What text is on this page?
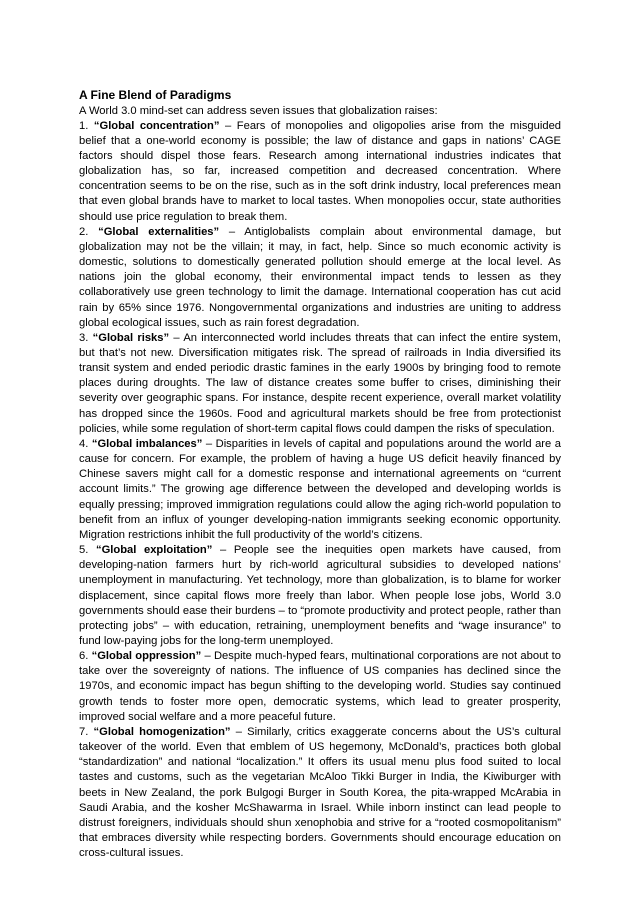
A Fine Blend of Paradigms

A World 3.0 mind-set can address seven issues that globalization raises:

1. “Global concentration” – Fears of monopolies and oligopolies arise from the misguided belief that a one-world economy is possible; the law of distance and gaps in nations’ CAGE factors should dispel those fears. Research among international industries indicates that globalization has, so far, increased competition and decreased concentration. Where concentration seems to be on the rise, such as in the soft drink industry, local preferences mean that even global brands have to market to local tastes. When monopolies occur, state authorities should use price regulation to break them.

2. “Global externalities” – Antiglobalists complain about environmental damage, but globalization may not be the villain; it may, in fact, help. Since so much economic activity is domestic, solutions to domestically generated pollution should emerge at the local level. As nations join the global economy, their environmental impact tends to lessen as they collaboratively use green technology to limit the damage. International cooperation has cut acid rain by 65% since 1976. Nongovernmental organizations and industries are uniting to address global ecological issues, such as rain forest degradation.

3. “Global risks” – An interconnected world includes threats that can infect the entire system, but that’s not new. Diversification mitigates risk. The spread of railroads in India diversified its transit system and ended periodic drastic famines in the early 1900s by bringing food to remote places during droughts. The law of distance creates some buffer to crises, diminishing their severity over geographic spans. For instance, despite recent experience, overall market volatility has dropped since the 1960s. Food and agricultural markets should be free from protectionist policies, while some regulation of short-term capital flows could dampen the risks of speculation.

4. “Global imbalances” – Disparities in levels of capital and populations around the world are a cause for concern. For example, the problem of having a huge US deficit heavily financed by Chinese savers might call for a domestic response and international agreements on “current account limits.” The growing age difference between the developed and developing worlds is equally pressing; improved immigration regulations could allow the aging rich-world population to benefit from an influx of younger developing-nation immigrants seeking economic opportunity. Migration restrictions inhibit the full productivity of the world’s citizens.

5. “Global exploitation” – People see the inequities open markets have caused, from developing-nation farmers hurt by rich-world agricultural subsidies to developed nations’ unemployment in manufacturing. Yet technology, more than globalization, is to blame for worker displacement, since capital flows more freely than labor. When people lose jobs, World 3.0 governments should ease their burdens – to “promote productivity and protect people, rather than protecting jobs” – with education, retraining, unemployment benefits and “wage insurance” to fund low-paying jobs for the long-term unemployed.

6. “Global oppression” – Despite much-hyped fears, multinational corporations are not about to take over the sovereignty of nations. The influence of US companies has declined since the 1970s, and economic impact has begun shifting to the developing world. Studies say continued growth tends to foster more open, democratic systems, which lead to greater prosperity, improved social welfare and a more peaceful future.

7. “Global homogenization” – Similarly, critics exaggerate concerns about the US’s cultural takeover of the world. Even that emblem of US hegemony, McDonald’s, practices both global “standardization” and national “localization.” It offers its usual menu plus food suited to local tastes and customs, such as the vegetarian McAloo Tikki Burger in India, the Kiwiburger with beets in New Zealand, the pork Bulgogi Burger in South Korea, the pita-wrapped McArabia in Saudi Arabia, and the kosher McShawarma in Israel. While inborn instinct can lead people to distrust foreigners, individuals should shun xenophobia and strive for a “rooted cosmopolitanism” that embraces diversity while respecting borders. Governments should encourage education on cross-cultural issues.
